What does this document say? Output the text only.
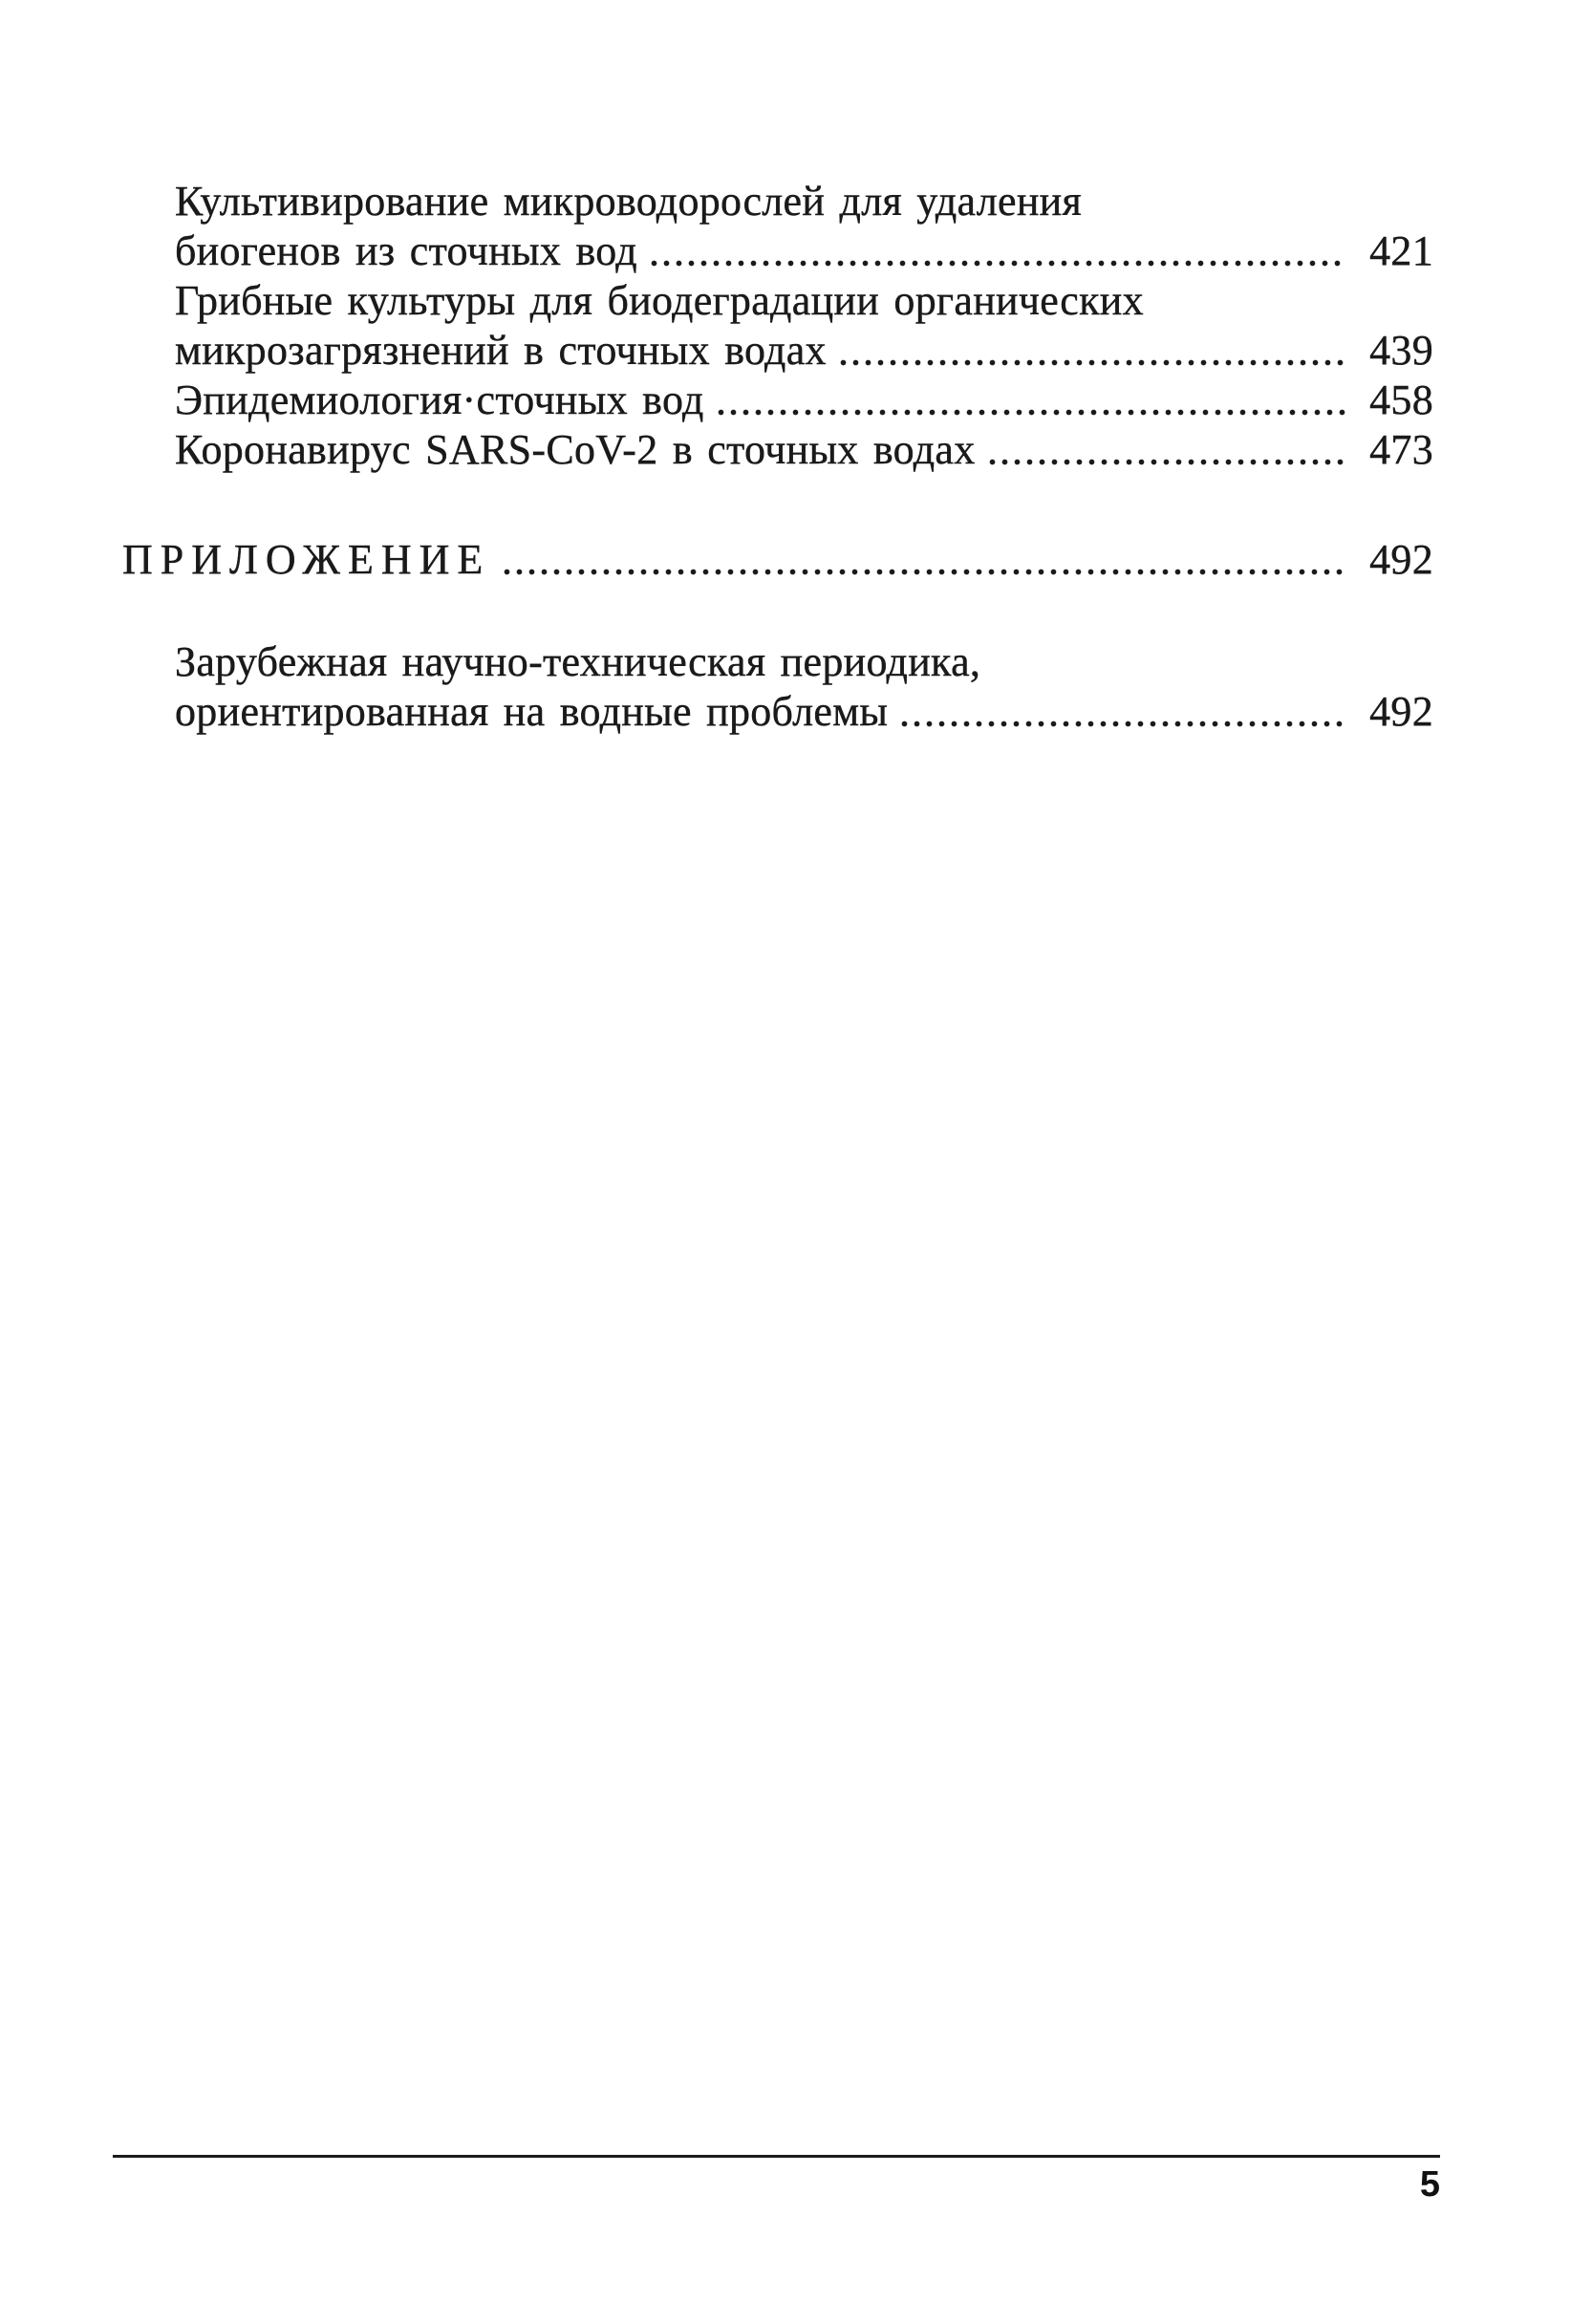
Культивирование микроводорослей для удаления
биогенов из сточных вод	421
Грибные культуры для биодеградации органических
микрозагрязнений в сточных водах	439
Эпидемиология·сточных вод	458
Коронавирус SARS-CoV-2 в сточных водах	473
ПРИЛОЖЕНИЕ	492
Зарубежная научно-техническая периодика,
ориентированная на водные проблемы	492
5
